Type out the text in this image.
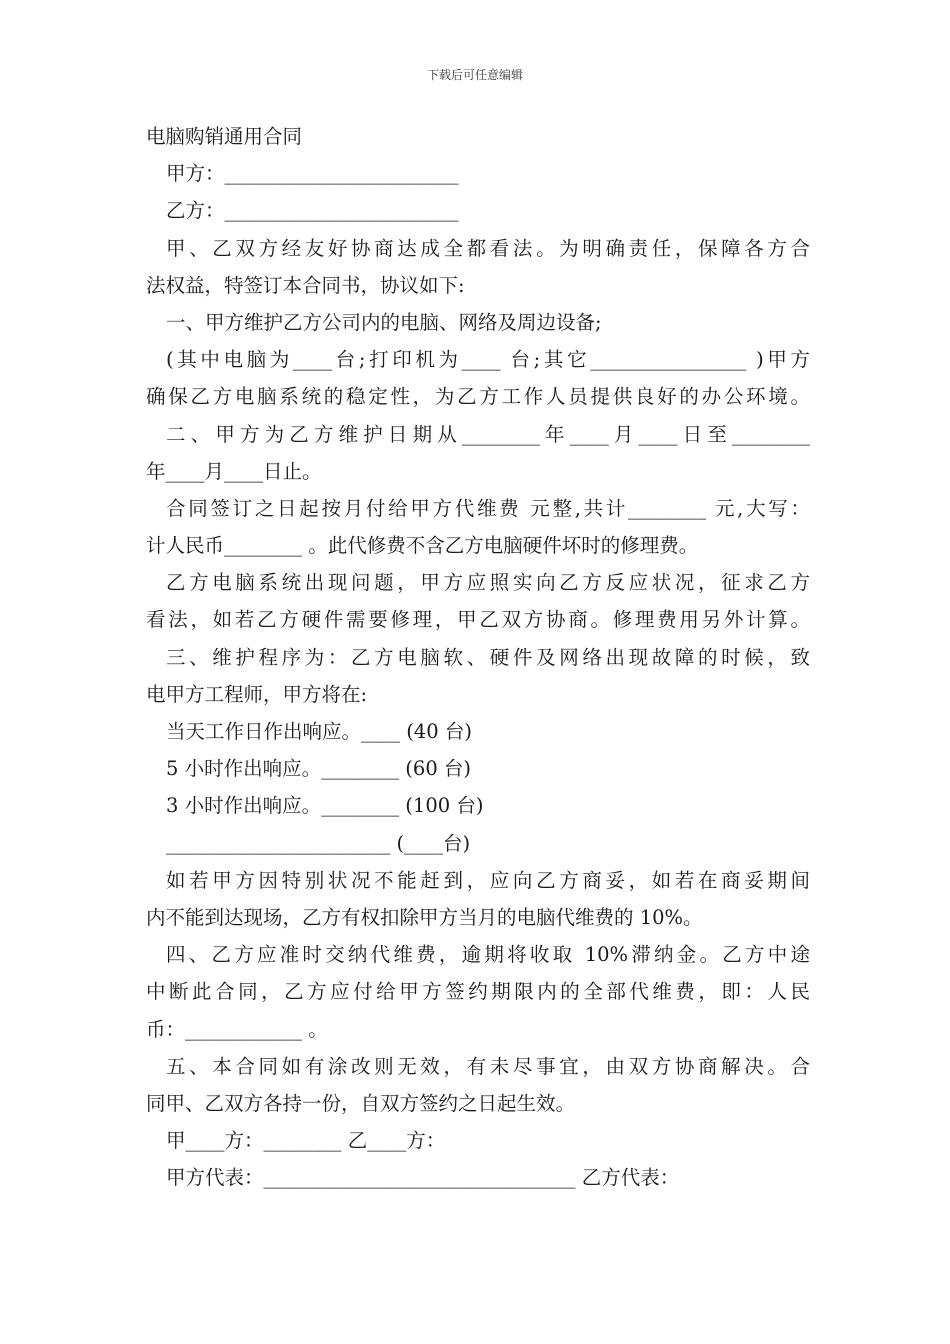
下载后可任意编辑
电脑购销通用合同
甲方：________________________
乙方：________________________
甲、乙双方经友好协商达成全都看法。为明确责任，保障各方合
法权益，特签订本合同书，协议如下:
一、甲方维护乙方公司内的电脑、网络及周边设备;
(其中电脑为____台;打印机为____ 台;其它________________ )甲方
确保乙方电脑系统的稳定性，为乙方工作人员提供良好的办公环境。
二、甲方为乙方维护日期从________年____月____日至________
年____月____日止。
合同签订之日起按月付给甲方代维费 元整,共计________ 元,大写：
计人民币________ 。此代修费不含乙方电脑硬件坏时的修理费。
乙方电脑系统出现问题，甲方应照实向乙方反应状况，征求乙方
看法，如若乙方硬件需要修理，甲乙双方协商。修理费用另外计算。
三、维护程序为：乙方电脑软、硬件及网络出现故障的时候，致
电甲方工程师，甲方将在:
当天工作日作出响应。____ (40 台)
5 小时作出响应。________ (60 台)
3 小时作出响应。________ (100 台)
_______________________ (____台)
如若甲方因特别状况不能赶到，应向乙方商妥，如若在商妥期间
内不能到达现场，乙方有权扣除甲方当月的电脑代维费的 10%。
四、乙方应准时交纳代维费，逾期将收取 10%滞纳金。乙方中途
中断此合同，乙方应付给甲方签约期限内的全部代维费，即：人民
币：____________ 。
五、本合同如有涂改则无效，有未尽事宜，由双方协商解决。合
同甲、乙双方各持一份，自双方签约之日起生效。
甲____方：________ 乙____方：
甲方代表：________________________________ 乙方代表：
